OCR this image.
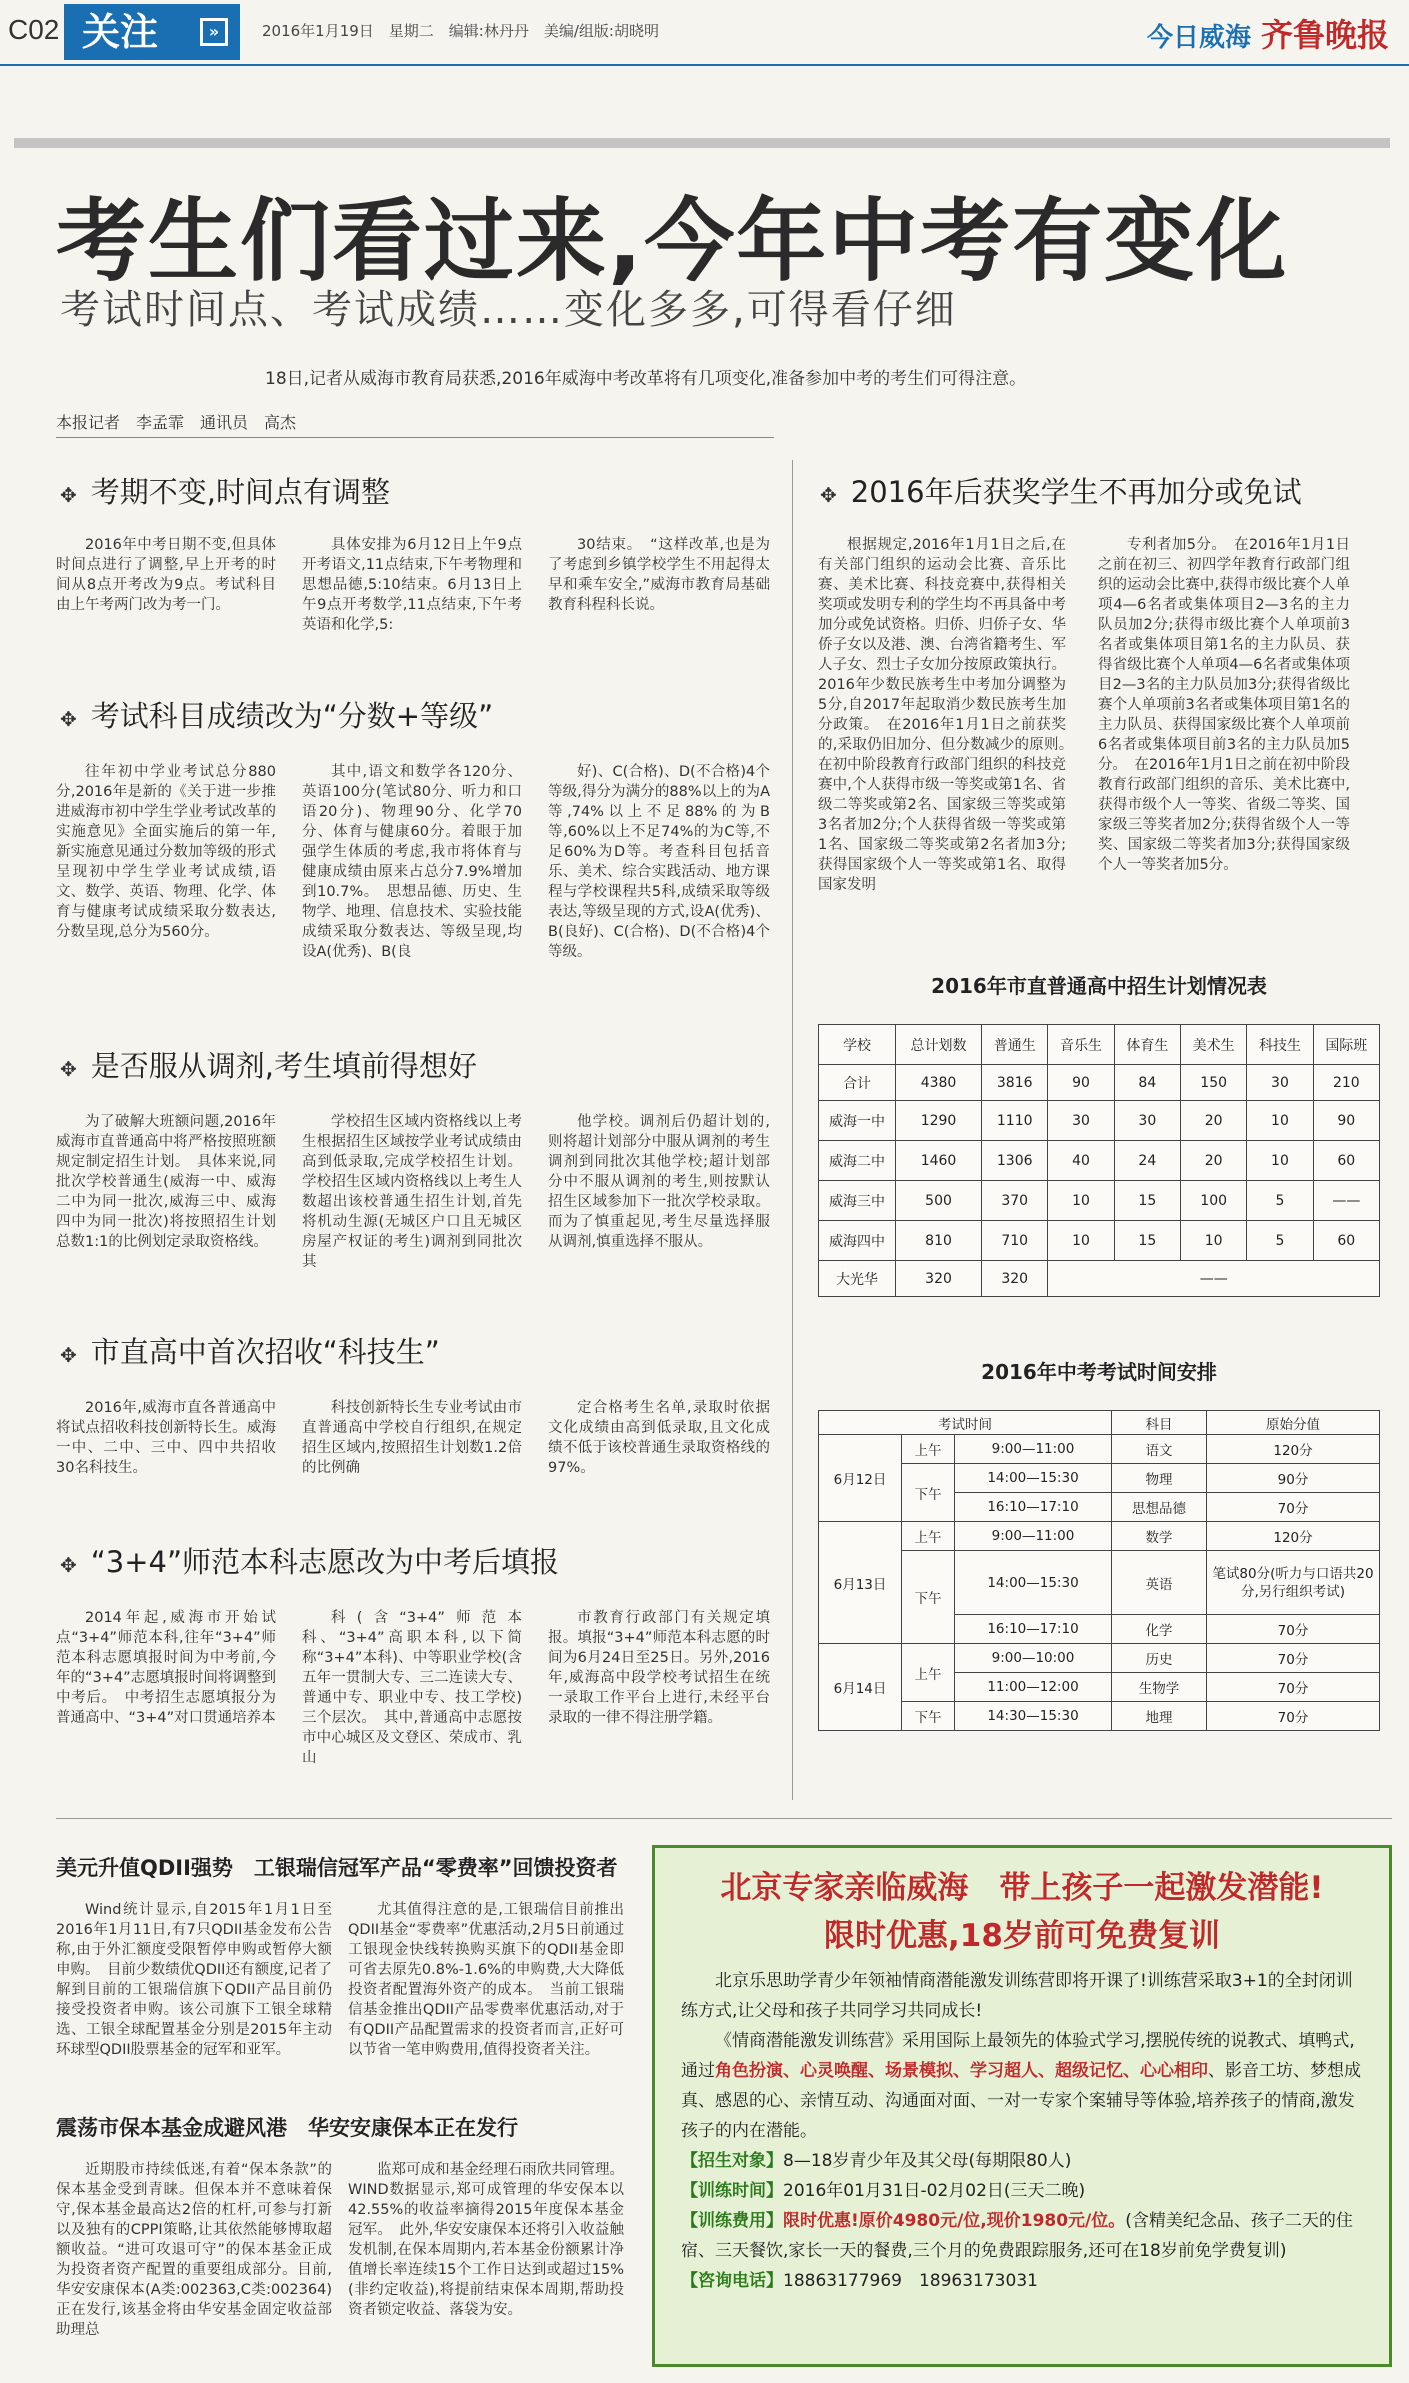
C02 关注	»	2016年1月19日　星期二　编辑:林丹丹　美编/组版:胡晓明	今日威海 齐鲁晚报
考生们看过来,今年中考有变化
考试时间点、考试成绩……变化多多,可得看仔细
18日,记者从威海市教育局获悉,2016年威海中考改革将有几项变化,准备参加中考的考生们可得注意。
本报记者　李孟霏　通讯员　高杰
✥ 考期不变,时间点有调整
2016年中考日期不变,但具体时间点进行了调整,早上开考的时间从8点开考改为9点。考试科目由上午考两门改为考一门。
具体安排为6月12日上午9点开考语文,11点结束,下午考物理和思想品德,5:10结束。6月13日上午9点开考数学,11点结束,下午考英语和化学,5:
30结束。　“这样改革,也是为了考虑到乡镇学校学生不用起得太早和乘车安全,”威海市教育局基础教育科程科长说。
✥ 考试科目成绩改为“分数+等级”
往年初中学业考试总分880分,2016年是新的《关于进一步推进威海市初中学生学业考试改革的实施意见》全面实施后的第一年,新实施意见通过分数加等级的形式呈现初中学生学业考试成绩,语文、数学、英语、物理、化学、体育与健康考试成绩采取分数表达,分数呈现,总分为560分。
其中,语文和数学各120分、英语100分(笔试80分、听力和口语20分)、物理90分、化学70分、体育与健康60分。着眼于加强学生体质的考虑,我市将体育与健康成绩由原来占总分7.9%增加到10.7%。　思想品德、历史、生物学、地理、信息技术、实验技能成绩采取分数表达、等级呈现,均设A(优秀)、B(良
好)、C(合格)、D(不合格)4个等级,得分为满分的88%以上的为A等,74%以上不足88%的为B等,60%以上不足74%的为C等,不足60%为D等。考查科目包括音乐、美术、综合实践活动、地方课程与学校课程共5科,成绩采取等级表达,等级呈现的方式,设A(优秀)、B(良好)、C(合格)、D(不合格)4个等级。
✥ 是否服从调剂,考生填前得想好
为了破解大班额问题,2016年威海市直普通高中将严格按照班额规定制定招生计划。　具体来说,同批次学校普通生(威海一中、威海二中为同一批次,威海三中、威海四中为同一批次)将按照招生计划总数1:1的比例划定录取资格线。
学校招生区域内资格线以上考生根据招生区域按学业考试成绩由高到低录取,完成学校招生计划。学校招生区域内资格线以上考生人数超出该校普通生招生计划,首先将机动生源(无城区户口且无城区房屋产权证的考生)调剂到同批次其
他学校。调剂后仍超计划的,则将超计划部分中服从调剂的考生调剂到同批次其他学校;超计划部分中不服从调剂的考生,则按默认招生区域参加下一批次学校录取。而为了慎重起见,考生尽量选择服从调剂,慎重选择不服从。
✥ 市直高中首次招收“科技生”
2016年,威海市直各普通高中将试点招收科技创新特长生。威海一中、二中、三中、四中共招收30名科技生。
科技创新特长生专业考试由市直普通高中学校自行组织,在规定招生区域内,按照招生计划数1.2倍的比例确
定合格考生名单,录取时依据文化成绩由高到低录取,且文化成绩不低于该校普通生录取资格线的97%。
✥ “3+4”师范本科志愿改为中考后填报
2014年起,威海市开始试点“3+4”师范本科,往年“3+4”师范本科志愿填报时间为中考前,今年的“3+4”志愿填报时间将调整到中考后。　中考招生志愿填报分为普通高中、“3+4”对口贯通培养本
科(含“3+4”师范本科、“3+4”高职本科,以下简称“3+4”本科)、中等职业学校(含五年一贯制大专、三二连读大专、普通中专、职业中专、技工学校)三个层次。　其中,普通高中志愿按市中心城区及文登区、荣成市、乳山
市教育行政部门有关规定填报。填报“3+4”师范本科志愿的时间为6月24日至25日。另外,2016年,威海高中段学校考试招生在统一录取工作平台上进行,未经平台录取的一律不得注册学籍。
✥ 2016年后获奖学生不再加分或免试
根据规定,2016年1月1日之后,在有关部门组织的运动会比赛、音乐比赛、美术比赛、科技竞赛中,获得相关奖项或发明专利的学生均不再具备中考加分或免试资格。归侨、归侨子女、华侨子女以及港、澳、台湾省籍考生、军人子女、烈士子女加分按原政策执行。2016年少数民族考生中考加分调整为5分,自2017年起取消少数民族考生加分政策。　在2016年1月1日之前获奖的,采取仍旧加分、但分数减少的原则。　在初中阶段教育行政部门组织的科技竞赛中,个人获得市级一等奖或第1名、省级二等奖或第2名、国家级三等奖或第3名者加2分;个人获得省级一等奖或第1名、国家级二等奖或第2名者加3分;获得国家级个人一等奖或第1名、取得国家发明
专利者加5分。　在2016年1月1日之前在初三、初四学年教育行政部门组织的运动会比赛中,获得市级比赛个人单项4—6名者或集体项目2—3名的主力队员加2分;获得市级比赛个人单项前3名者或集体项目第1名的主力队员、获得省级比赛个人单项4—6名者或集体项目2—3名的主力队员加3分;获得省级比赛个人单项前3名者或集体项目第1名的主力队员、获得国家级比赛个人单项前6名者或集体项目前3名的主力队员加5分。　在2016年1月1日之前在初中阶段教育行政部门组织的音乐、美术比赛中,获得市级个人一等奖、省级二等奖、国家级三等奖者加2分;获得省级个人一等奖、国家级二等奖者加3分;获得国家级个人一等奖者加5分。
2016年市直普通高中招生计划情况表
学校	总计划数	普通生	音乐生	体育生	美术生	科技生	国际班
合计	4380	3816	90	84	150	30	210
威海一中	1290	1110	30	30	20	10	90
威海二中	1460	1306	40	24	20	10	60
威海三中	500	370	10	15	100	5	——
威海四中	810	710	10	15	10	5	60
大光华	320	320	——				
2016年中考考试时间安排
考试时间			科目	原始分值
6月12日	上午	9:00—11:00	语文	120分
	下午	14:00—15:30	物理	90分
		16:10—17:10	思想品德	70分
6月13日	上午	9:00—11:00	数学	120分
	下午	14:00—15:30	英语	笔试80分(听力与口语共20分,另行组织考试)
		16:10—17:10	化学	70分
6月14日	上午	9:00—10:00	历史	70分
		11:00—12:00	生物学	70分
	下午	14:30—15:30	地理	70分
美元升值QDII强势　工银瑞信冠军产品“零费率”回馈投资者
Wind统计显示,自2015年1月1日至2016年1月11日,有7只QDII基金发布公告称,由于外汇额度受限暂停申购或暂停大额申购。　目前少数绩优QDII还有额度,记者了解到目前的工银瑞信旗下QDII产品目前仍接受投资者申购。该公司旗下工银全球精选、工银全球配置基金分别是2015年主动环球型QDII股票基金的冠军和亚军。
尤其值得注意的是,工银瑞信目前推出QDII基金“零费率”优惠活动,2月5日前通过工银现金快线转换购买旗下的QDII基金即可省去原先0.8%-1.6%的申购费,大大降低投资者配置海外资产的成本。　当前工银瑞信基金推出QDII产品零费率优惠活动,对于有QDII产品配置需求的投资者而言,正好可以节省一笔申购费用,值得投资者关注。
震荡市保本基金成避风港　华安安康保本正在发行
近期股市持续低迷,有着“保本条款”的保本基金受到青睐。但保本并不意味着保守,保本基金最高达2倍的杠杆,可参与打新以及独有的CPPI策略,让其依然能够博取超额收益。“进可攻退可守”的保本基金正成为投资者资产配置的重要组成部分。目前,华安安康保本(A类:002363,C类:002364)正在发行,该基金将由华安基金固定收益部助理总
监郑可成和基金经理石雨欣共同管理。WIND数据显示,郑可成管理的华安保本以42.55%的收益率摘得2015年度保本基金冠军。　此外,华安安康保本还将引入收益触发机制,在保本周期内,若本基金份额累计净值增长率连续15个工作日达到或超过15%(非约定收益),将提前结束保本周期,帮助投资者锁定收益、落袋为安。
北京专家亲临威海　带上孩子一起激发潜能!
限时优惠,18岁前可免费复训
北京乐思助学青少年领袖情商潜能激发训练营即将开课了!训练营采取3+1的全封闭训练方式,让父母和孩子共同学习共同成长!
《情商潜能激发训练营》采用国际上最领先的体验式学习,摆脱传统的说教式、填鸭式,通过角色扮演、心灵唤醒、场景模拟、学习超人、超级记忆、心心相印、影音工坊、梦想成真、感恩的心、亲情互动、沟通面对面、一对一专家个案辅导等体验,培养孩子的情商,激发孩子的内在潜能。
【招生对象】8—18岁青少年及其父母(每期限80人)
【训练时间】2016年01月31日-02月02日(三天二晚)
【训练费用】限时优惠!原价4980元/位,现价1980元/位。(含精美纪念品、孩子二天的住宿、三天餐饮,家长一天的餐费,三个月的免费跟踪服务,还可在18岁前免学费复训)
【咨询电话】18863177969　18963173031
